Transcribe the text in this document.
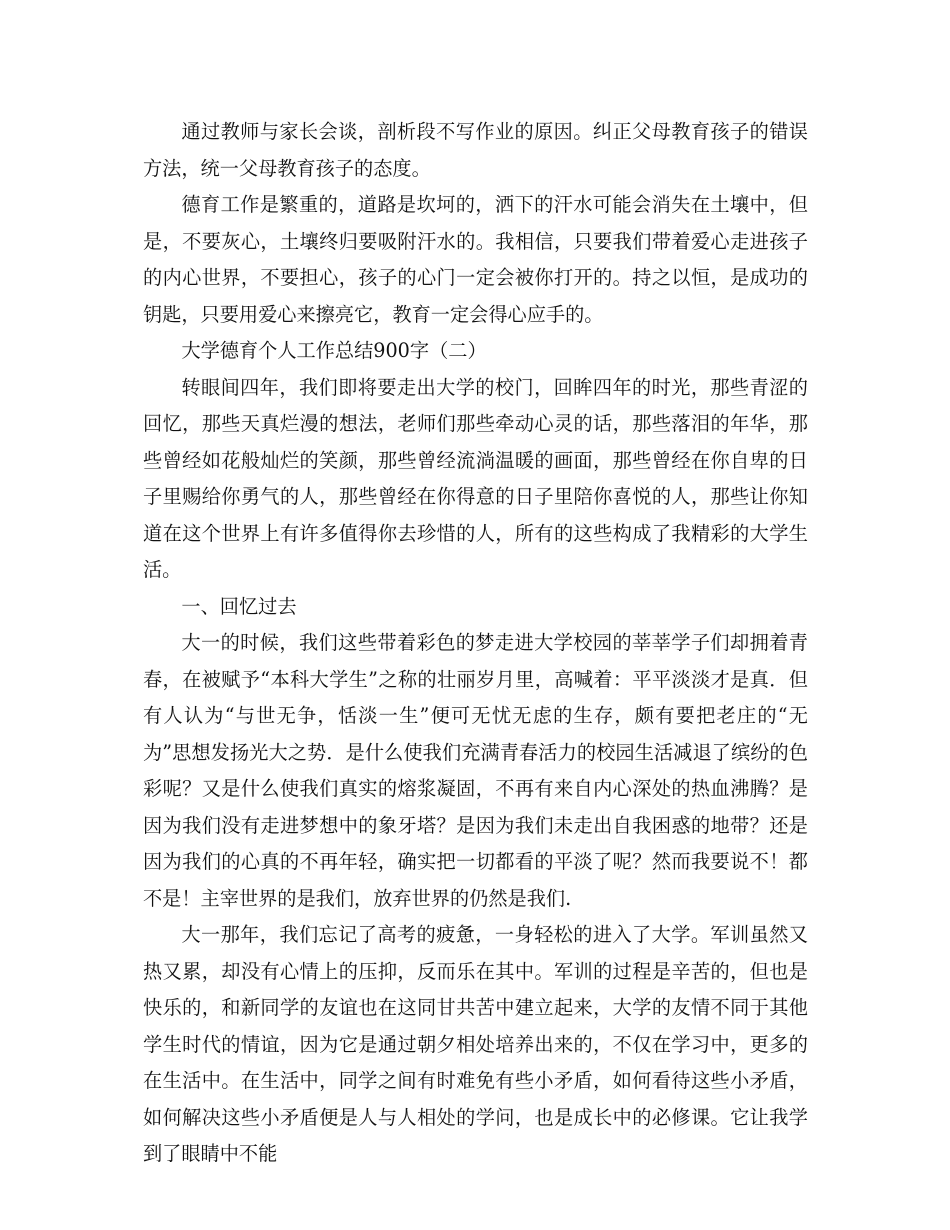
通过教师与家长会谈，剖析段不写作业的原因。纠正父母教育孩子的错误方法，统一父母教育孩子的态度。

德育工作是繁重的，道路是坎坷的，洒下的汗水可能会消失在土壤中，但是，不要灰心，土壤终归要吸附汗水的。我相信，只要我们带着爱心走进孩子的内心世界，不要担心，孩子的心门一定会被你打开的。持之以恒，是成功的钥匙，只要用爱心来擦亮它，教育一定会得心应手的。

大学德育个人工作总结900字（二）

转眼间四年，我们即将要走出大学的校门，回眸四年的时光，那些青涩的回忆，那些天真烂漫的想法，老师们那些牵动心灵的话，那些落泪的年华，那些曾经如花般灿烂的笑颜，那些曾经流淌温暖的画面，那些曾经在你自卑的日子里赐给你勇气的人，那些曾经在你得意的日子里陪你喜悦的人，那些让你知道在这个世界上有许多值得你去珍惜的人，所有的这些构成了我精彩的大学生活。

一、回忆过去

大一的时候，我们这些带着彩色的梦走进大学校园的莘莘学子们却拥着青春，在被赋予“本科大学生”之称的壮丽岁月里，高喊着：平平淡淡才是真．但有人认为“与世无争，恬淡一生”便可无忧无虑的生存，颇有要把老庄的“无为”思想发扬光大之势．是什么使我们充满青春活力的校园生活减退了缤纷的色彩呢？又是什么使我们真实的熔浆凝固，不再有来自内心深处的热血沸腾？是因为我们没有走进梦想中的象牙塔？是因为我们未走出自我困惑的地带？还是因为我们的心真的不再年轻，确实把一切都看的平淡了呢？然而我要说不！都不是！主宰世界的是我们，放弃世界的仍然是我们.

大一那年，我们忘记了高考的疲惫，一身轻松的进入了大学。军训虽然又热又累，却没有心情上的压抑，反而乐在其中。军训的过程是辛苦的，但也是快乐的，和新同学的友谊也在这同甘共苦中建立起来，大学的友情不同于其他学生时代的情谊，因为它是通过朝夕相处培养出来的，不仅在学习中，更多的在生活中。在生活中，同学之间有时难免有些小矛盾，如何看待这些小矛盾，如何解决这些小矛盾便是人与人相处的学问，也是成长中的必修课。它让我学到了眼睛中不能
